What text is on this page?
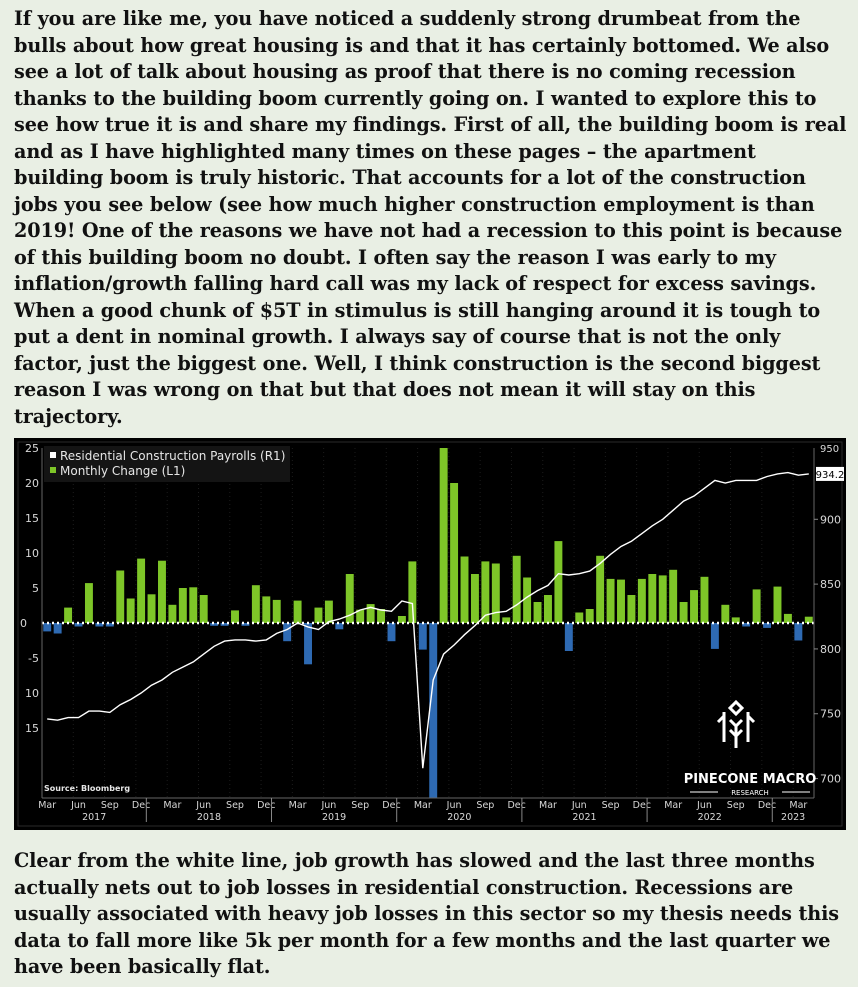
If you are like me, you have noticed a suddenly strong drumbeat from the bulls about how great housing is and that it has certainly bottomed. We also see a lot of talk about housing as proof that there is no coming recession thanks to the building boom currently going on. I wanted to explore this to see how true it is and share my findings. First of all, the building boom is real and as I have highlighted many times on these pages – the apartment building boom is truly historic. That accounts for a lot of the construction jobs you see below (see how much higher construction employment is than 2019! One of the reasons we have not had a recession to this point is because of this building boom no doubt. I often say the reason I was early to my inflation/growth falling hard call was my lack of respect for excess savings. When a good chunk of $5T in stimulus is still hanging around it is tough to put a dent in nominal growth. I always say of course that is not the only factor, just the biggest one. Well, I think construction is the second biggest reason I was wrong on that but that does not mean it will stay on this trajectory.
25
20
15
10
5
-5
10
15
0
900
850
800
750
700
950
934.2
Mar Jun Sep Dec Mar Jun Sep Dec Mar Jun Sep Dec Mar Jun Sep Dec Mar Jun Sep Dec Mar Jun Sep Dec Mar
2017	2018	2019	2020	2021	2022	2023
Residential Construction Payrolls (R1)
Monthly Change (L1)
Source: Bloomberg
PINECONE MACRO
RESEARCH
Clear from the white line, job growth has slowed and the last three months actually nets out to job losses in residential construction. Recessions are usually associated with heavy job losses in this sector so my thesis needs this data to fall more like 5k per month for a few months and the last quarter we have been basically flat.
